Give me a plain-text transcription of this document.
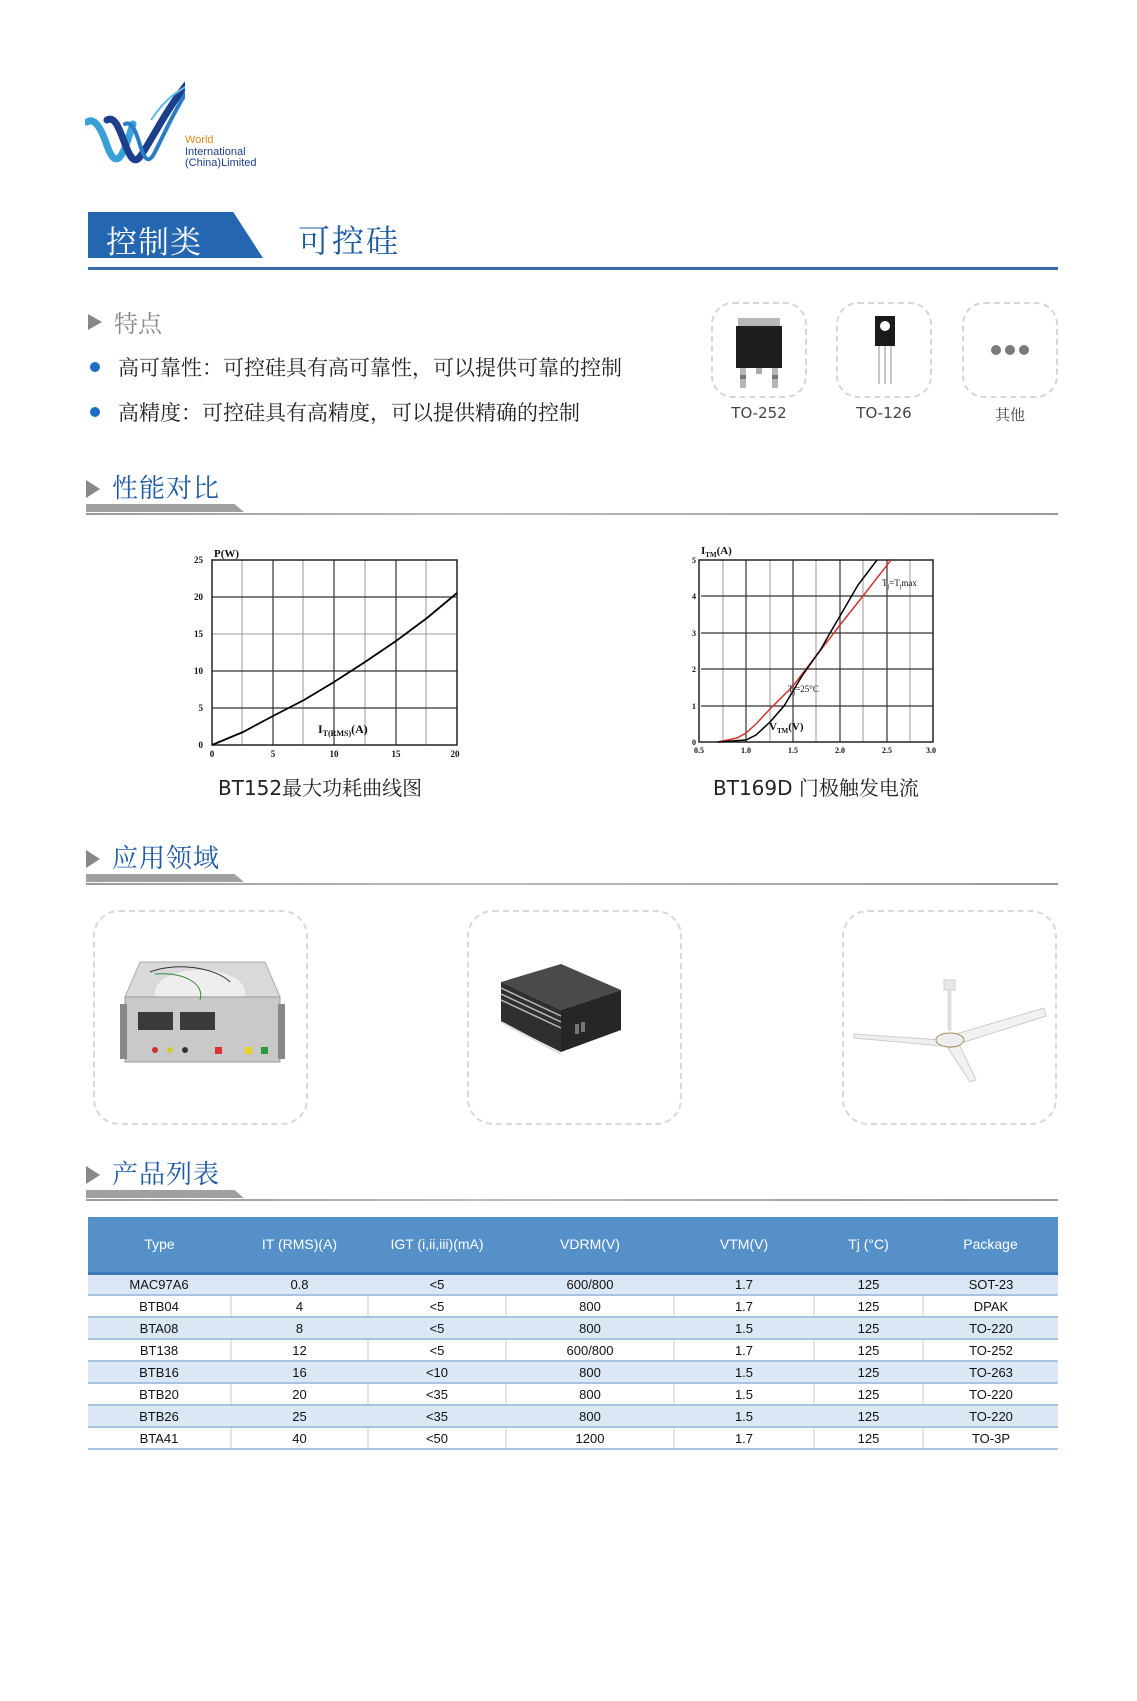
World
International
(China)Limited
控制类	可控硅
特点
高可靠性：可控硅具有高可靠性，可以提供可靠的控制
高精度：可控硅具有高精度，可以提供精确的控制	TO-252	TO-126	其他
性能对比
25
20
15
10
5
0
0	5	10	15	20
P(W)
$I_{T(RMS)}(A)$
BT152最大功耗曲线图
5
4
3
2
1
0
0.5	1.0	1.5	2.0	2.5	3.0
$I_{TM}(A)$
$V_{TM}(V)$
$T_j=25^\circ C$
$T_j=T_j\max$
BT169D 门极触发电流
应用领域
产品列表
Type	IT (RMS)(A)	IGT (i,ii,iii)(mA)	VDRM(V)	VTM(V)	Tj (°C)	Package
MAC97A6	0.8	<5	600/800	1.7	125	SOT-23
BTB04	4	<5	800	1.7	125	DPAK
BTA08	8	<5	800	1.5	125	TO-220
BT138	12	<5	600/800	1.7	125	TO-252
BTB16	16	<10	800	1.5	125	TO-263
BTB20	20	<35	800	1.5	125	TO-220
BTB26	25	<35	800	1.5	125	TO-220
BTA41	40	<50	1200	1.7	125	TO-3P
